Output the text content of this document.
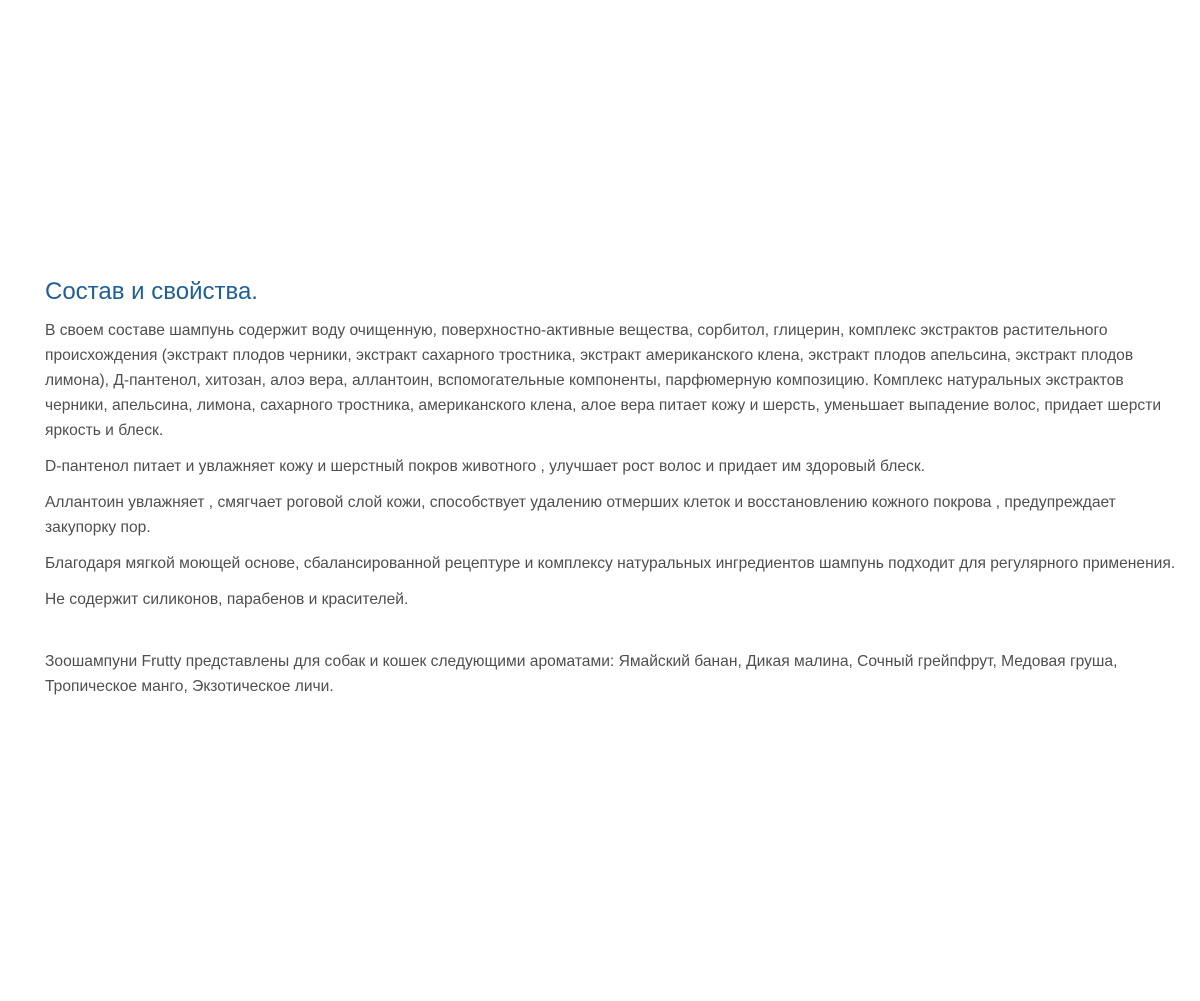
Состав и свойства.

В своем составе шампунь содержит воду очищенную, поверхностно-активные вещества, сорбитол, глицерин, комплекс экстрактов растительного происхождения (экстракт плодов черники, экстракт сахарного тростника, экстракт американского клена, экстракт плодов апельсина, экстракт плодов лимона), Д-пантенол, хитозан, алоэ вера, аллантоин, вспомогательные компоненты, парфюмерную композицию. Комплекс натуральных экстрактов черники, апельсина, лимона, сахарного тростника, американского клена, алое вера питает кожу и шерсть, уменьшает выпадение волос, придает шерсти яркость и блеск.

D-пантенол питает и увлажняет кожу и шерстный покров животного , улучшает рост волос и придает им здоровый блеск.

Аллантоин увлажняет , смягчает роговой слой кожи, способствует удалению отмерших клеток и восстановлению кожного покрова , предупреждает закупорку пор.

Благодаря мягкой моющей основе, сбалансированной рецептуре и комплексу натуральных ингредиентов шампунь подходит для регулярного применения.

Не содержит силиконов, парабенов и красителей.

Зоошампуни Frutty представлены для собак и кошек следующими ароматами: Ямайский банан, Дикая малина, Сочный грейпфрут, Медовая груша, Тропическое манго, Экзотическое личи.
